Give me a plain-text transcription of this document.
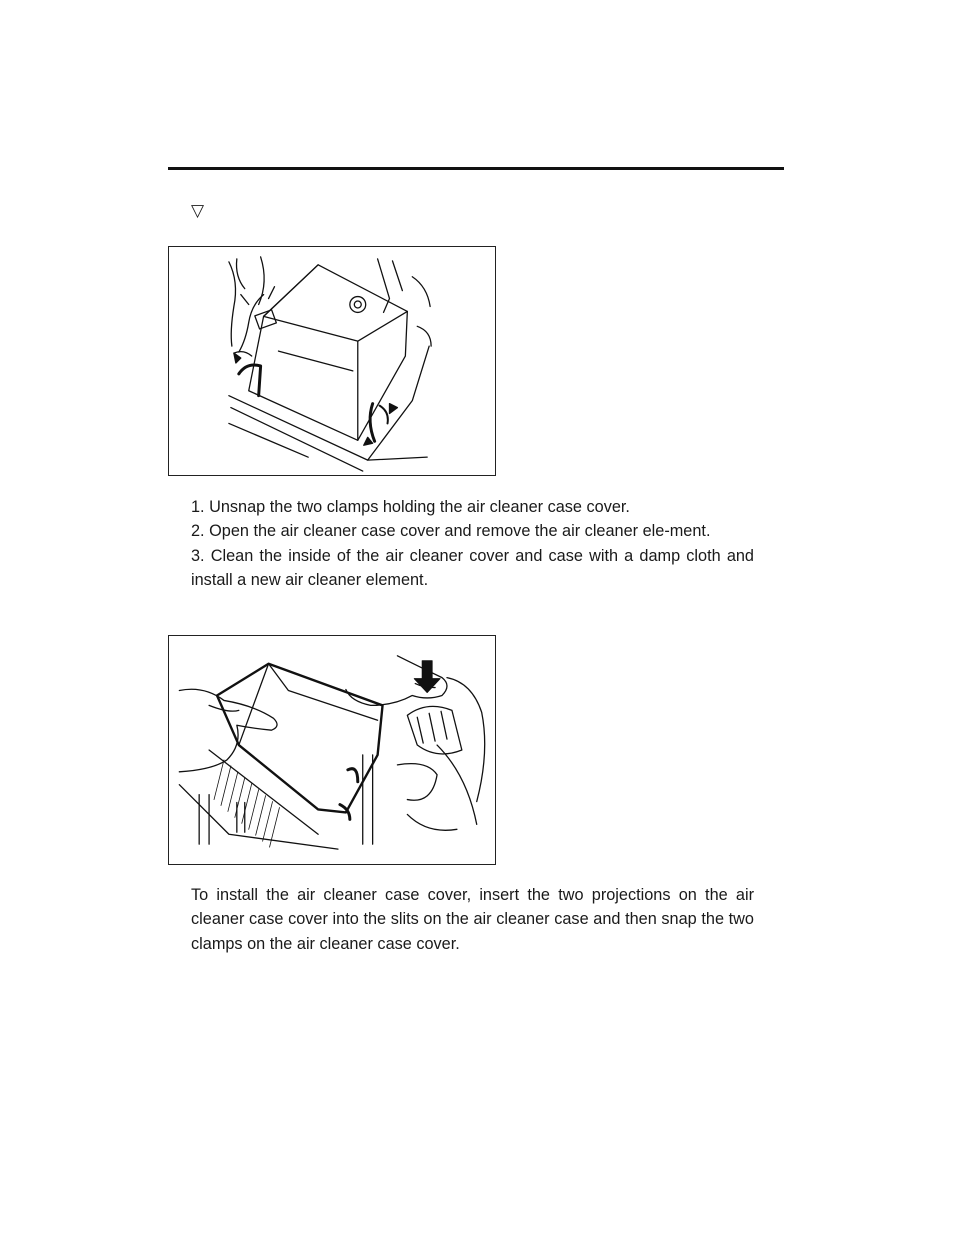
▽

1. Unsnap the two clamps holding the air cleaner case cover.

2. Open the air cleaner case cover and remove the air cleaner ele-ment.

3. Clean the inside of the air cleaner cover and case with a damp cloth and install a new air cleaner element.

To install the air cleaner case cover, insert the two projections on the air cleaner case cover into the slits on the air cleaner case and then snap the two clamps on the air cleaner case cover.
